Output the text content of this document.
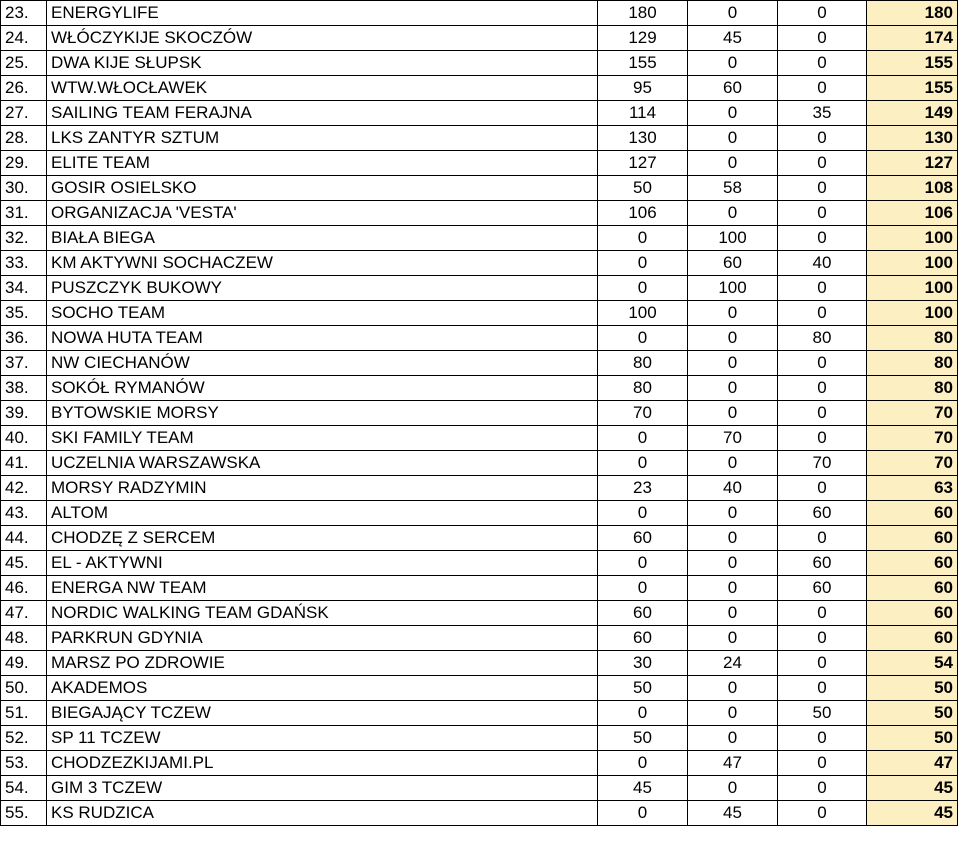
23.	ENERGYLIFE	180	0	0	180
24.	WŁÓCZYKIJE SKOCZÓW	129	45	0	174
25.	DWA KIJE SŁUPSK	155	0	0	155
26.	WTW.WŁOCŁAWEK	95	60	0	155
27.	SAILING TEAM FERAJNA	114	0	35	149
28.	LKS ZANTYR SZTUM	130	0	0	130
29.	ELITE TEAM	127	0	0	127
30.	GOSIR OSIELSKO	50	58	0	108
31.	ORGANIZACJA 'VESTA'	106	0	0	106
32.	BIAŁA BIEGA	0	100	0	100
33.	KM AKTYWNI SOCHACZEW	0	60	40	100
34.	PUSZCZYK BUKOWY	0	100	0	100
35.	SOCHO TEAM	100	0	0	100
36.	NOWA HUTA TEAM	0	0	80	80
37.	NW CIECHANÓW	80	0	0	80
38.	SOKÓŁ RYMANÓW	80	0	0	80
39.	BYTOWSKIE MORSY	70	0	0	70
40.	SKI FAMILY TEAM	0	70	0	70
41.	UCZELNIA WARSZAWSKA	0	0	70	70
42.	MORSY RADZYMIN	23	40	0	63
43.	ALTOM	0	0	60	60
44.	CHODZĘ Z SERCEM	60	0	0	60
45.	EL - AKTYWNI	0	0	60	60
46.	ENERGA NW TEAM	0	0	60	60
47.	NORDIC WALKING TEAM GDAŃSK	60	0	0	60
48.	PARKRUN GDYNIA	60	0	0	60
49.	MARSZ PO ZDROWIE	30	24	0	54
50.	AKADEMOS	50	0	0	50
51.	BIEGAJĄCY TCZEW	0	0	50	50
52.	SP 11 TCZEW	50	0	0	50
53.	CHODZEZKIJAMI.PL	0	47	0	47
54.	GIM 3 TCZEW	45	0	0	45
55.	KS RUDZICA	0	45	0	45
